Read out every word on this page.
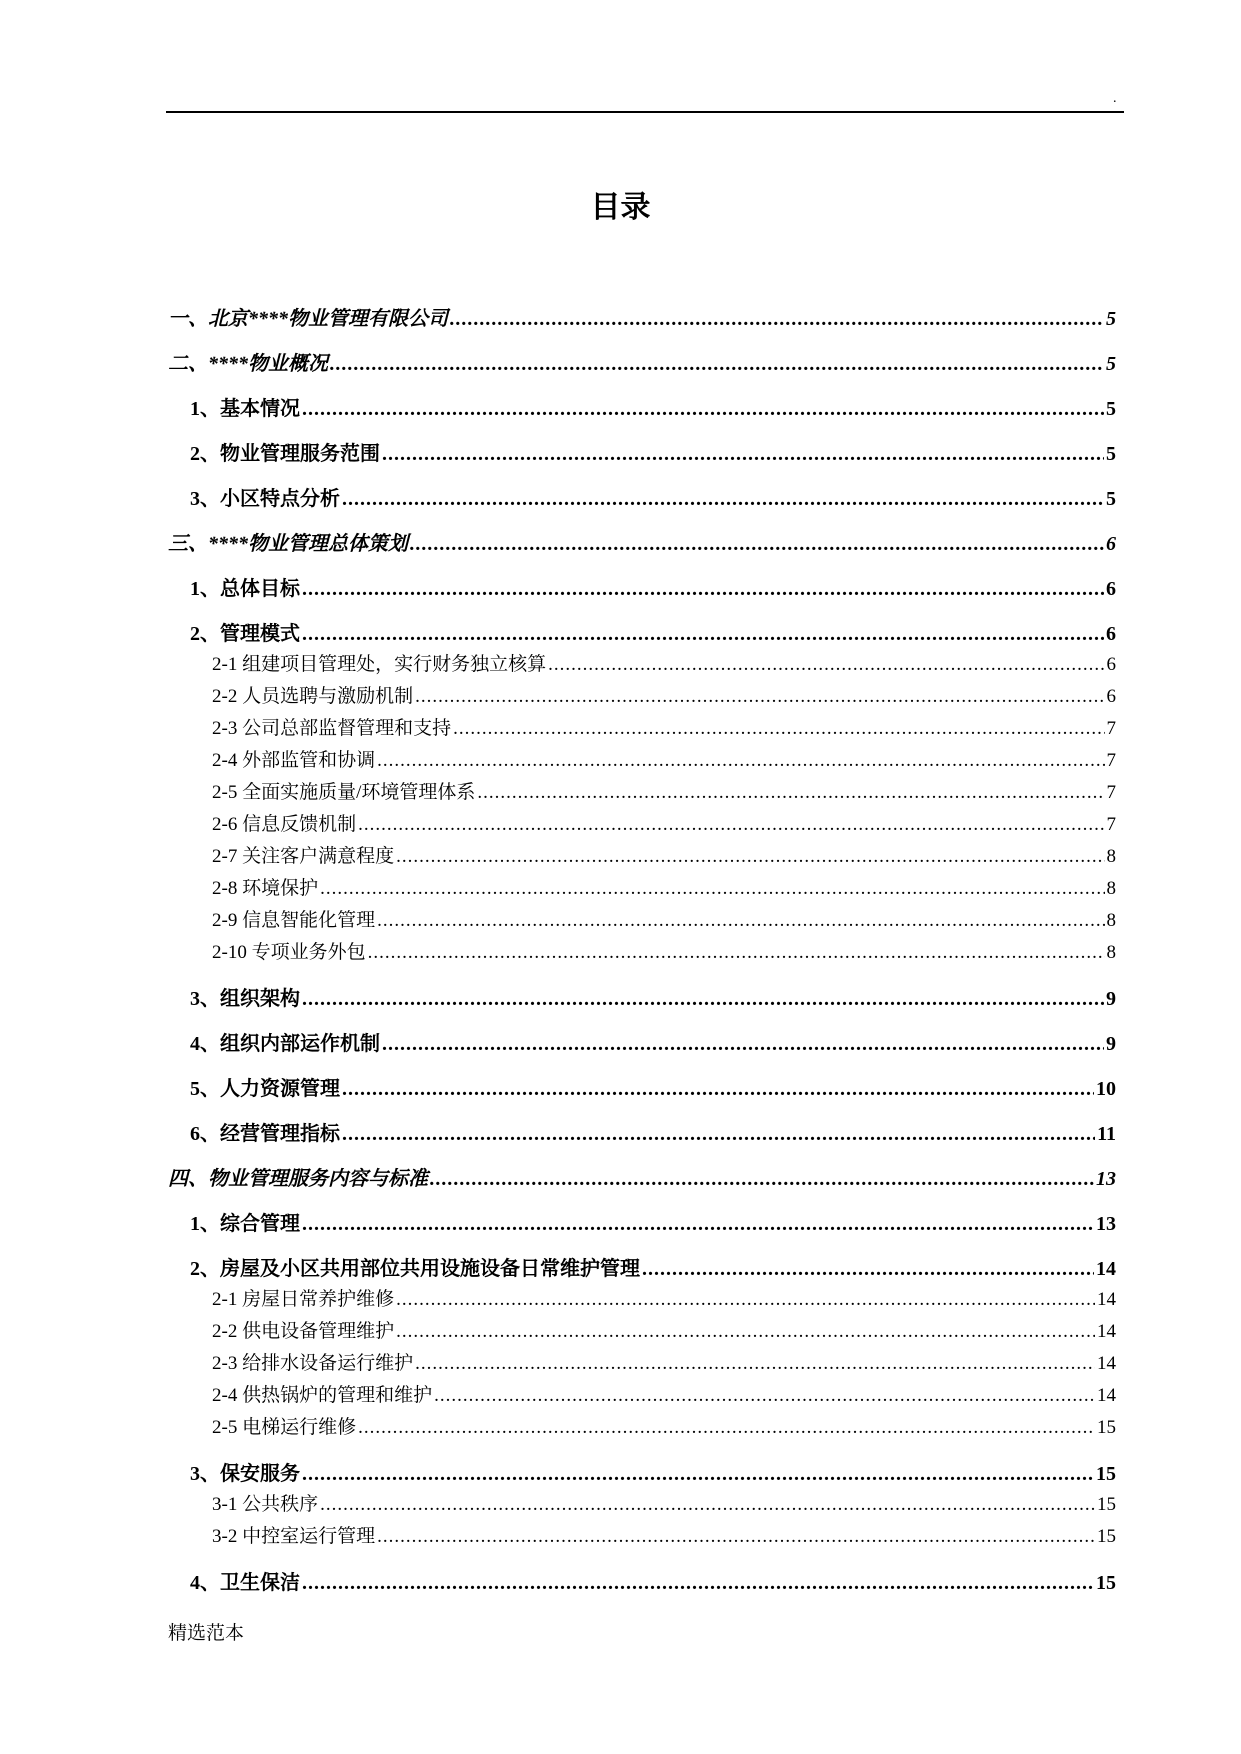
.
目录
一、北京****物业管理有限公司 .....	5
二、****物业概况 .....	5
1、基本情况 .....	5
2、物业管理服务范围 .....	5
3、小区特点分析 .....	5
三、****物业管理总体策划 .....	6
1、总体目标 .....	6
2、管理模式 .....	6
2-1 组建项目管理处，实行财务独立核算 .....	6
2-2 人员选聘与激励机制 .....	6
2-3 公司总部监督管理和支持 .....	7
2-4 外部监管和协调 .....	7
2-5 全面实施质量/环境管理体系 .....	7
2-6 信息反馈机制 .....	7
2-7 关注客户满意程度 .....	8
2-8 环境保护 .....	8
2-9 信息智能化管理 .....	8
2-10 专项业务外包 .....	8
3、组织架构 .....	9
4、组织内部运作机制 .....	9
5、人力资源管理 .....	10
6、经营管理指标 .....	11
四、物业管理服务内容与标准 .....	13
1、综合管理 .....	13
2、房屋及小区共用部位共用设施设备日常维护管理 .....	14
2-1 房屋日常养护维修 .....	14
2-2 供电设备管理维护 .....	14
2-3 给排水设备运行维护 .....	14
2-4 供热锅炉的管理和维护 .....	14
2-5 电梯运行维修 .....	15
3、保安服务 .....	15
3-1 公共秩序 .....	15
3-2 中控室运行管理 .....	15
4、卫生保洁 .....	15
精选范本
